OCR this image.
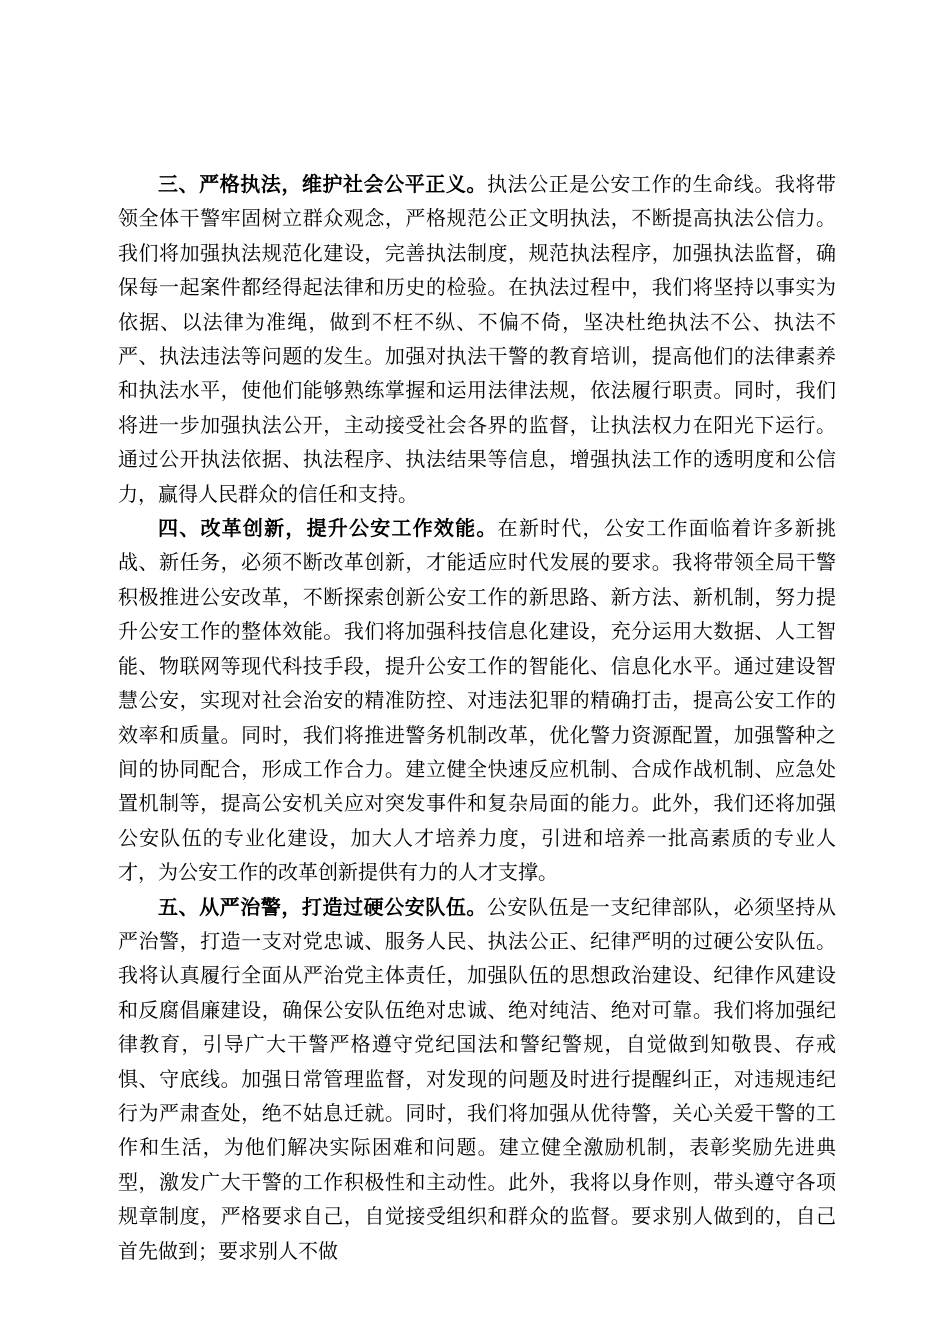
三、严格执法，维护社会公平正义。执法公正是公安工作的生命线。我将带领全体干警牢固树立群众观念，严格规范公正文明执法，不断提高执法公信力。我们将加强执法规范化建设，完善执法制度，规范执法程序，加强执法监督，确保每一起案件都经得起法律和历史的检验。在执法过程中，我们将坚持以事实为依据、以法律为准绳，做到不枉不纵、不偏不倚，坚决杜绝执法不公、执法不严、执法违法等问题的发生。加强对执法干警的教育培训，提高他们的法律素养和执法水平，使他们能够熟练掌握和运用法律法规，依法履行职责。同时，我们将进一步加强执法公开，主动接受社会各界的监督，让执法权力在阳光下运行。通过公开执法依据、执法程序、执法结果等信息，增强执法工作的透明度和公信力，赢得人民群众的信任和支持。

四、改革创新，提升公安工作效能。在新时代，公安工作面临着许多新挑战、新任务，必须不断改革创新，才能适应时代发展的要求。我将带领全局干警积极推进公安改革，不断探索创新公安工作的新思路、新方法、新机制，努力提升公安工作的整体效能。我们将加强科技信息化建设，充分运用大数据、人工智能、物联网等现代科技手段，提升公安工作的智能化、信息化水平。通过建设智慧公安，实现对社会治安的精准防控、对违法犯罪的精确打击，提高公安工作的效率和质量。同时，我们将推进警务机制改革，优化警力资源配置，加强警种之间的协同配合，形成工作合力。建立健全快速反应机制、合成作战机制、应急处置机制等，提高公安机关应对突发事件和复杂局面的能力。此外，我们还将加强公安队伍的专业化建设，加大人才培养力度，引进和培养一批高素质的专业人才，为公安工作的改革创新提供有力的人才支撑。

五、从严治警，打造过硬公安队伍。公安队伍是一支纪律部队，必须坚持从严治警，打造一支对党忠诚、服务人民、执法公正、纪律严明的过硬公安队伍。我将认真履行全面从严治党主体责任，加强队伍的思想政治建设、纪律作风建设和反腐倡廉建设，确保公安队伍绝对忠诚、绝对纯洁、绝对可靠。我们将加强纪律教育，引导广大干警严格遵守党纪国法和警纪警规，自觉做到知敬畏、存戒惧、守底线。加强日常管理监督，对发现的问题及时进行提醒纠正，对违规违纪行为严肃查处，绝不姑息迁就。同时，我们将加强从优待警，关心关爱干警的工作和生活，为他们解决实际困难和问题。建立健全激励机制，表彰奖励先进典型，激发广大干警的工作积极性和主动性。此外，我将以身作则，带头遵守各项规章制度，严格要求自己，自觉接受组织和群众的监督。要求别人做到的，自己首先做到；要求别人不做
